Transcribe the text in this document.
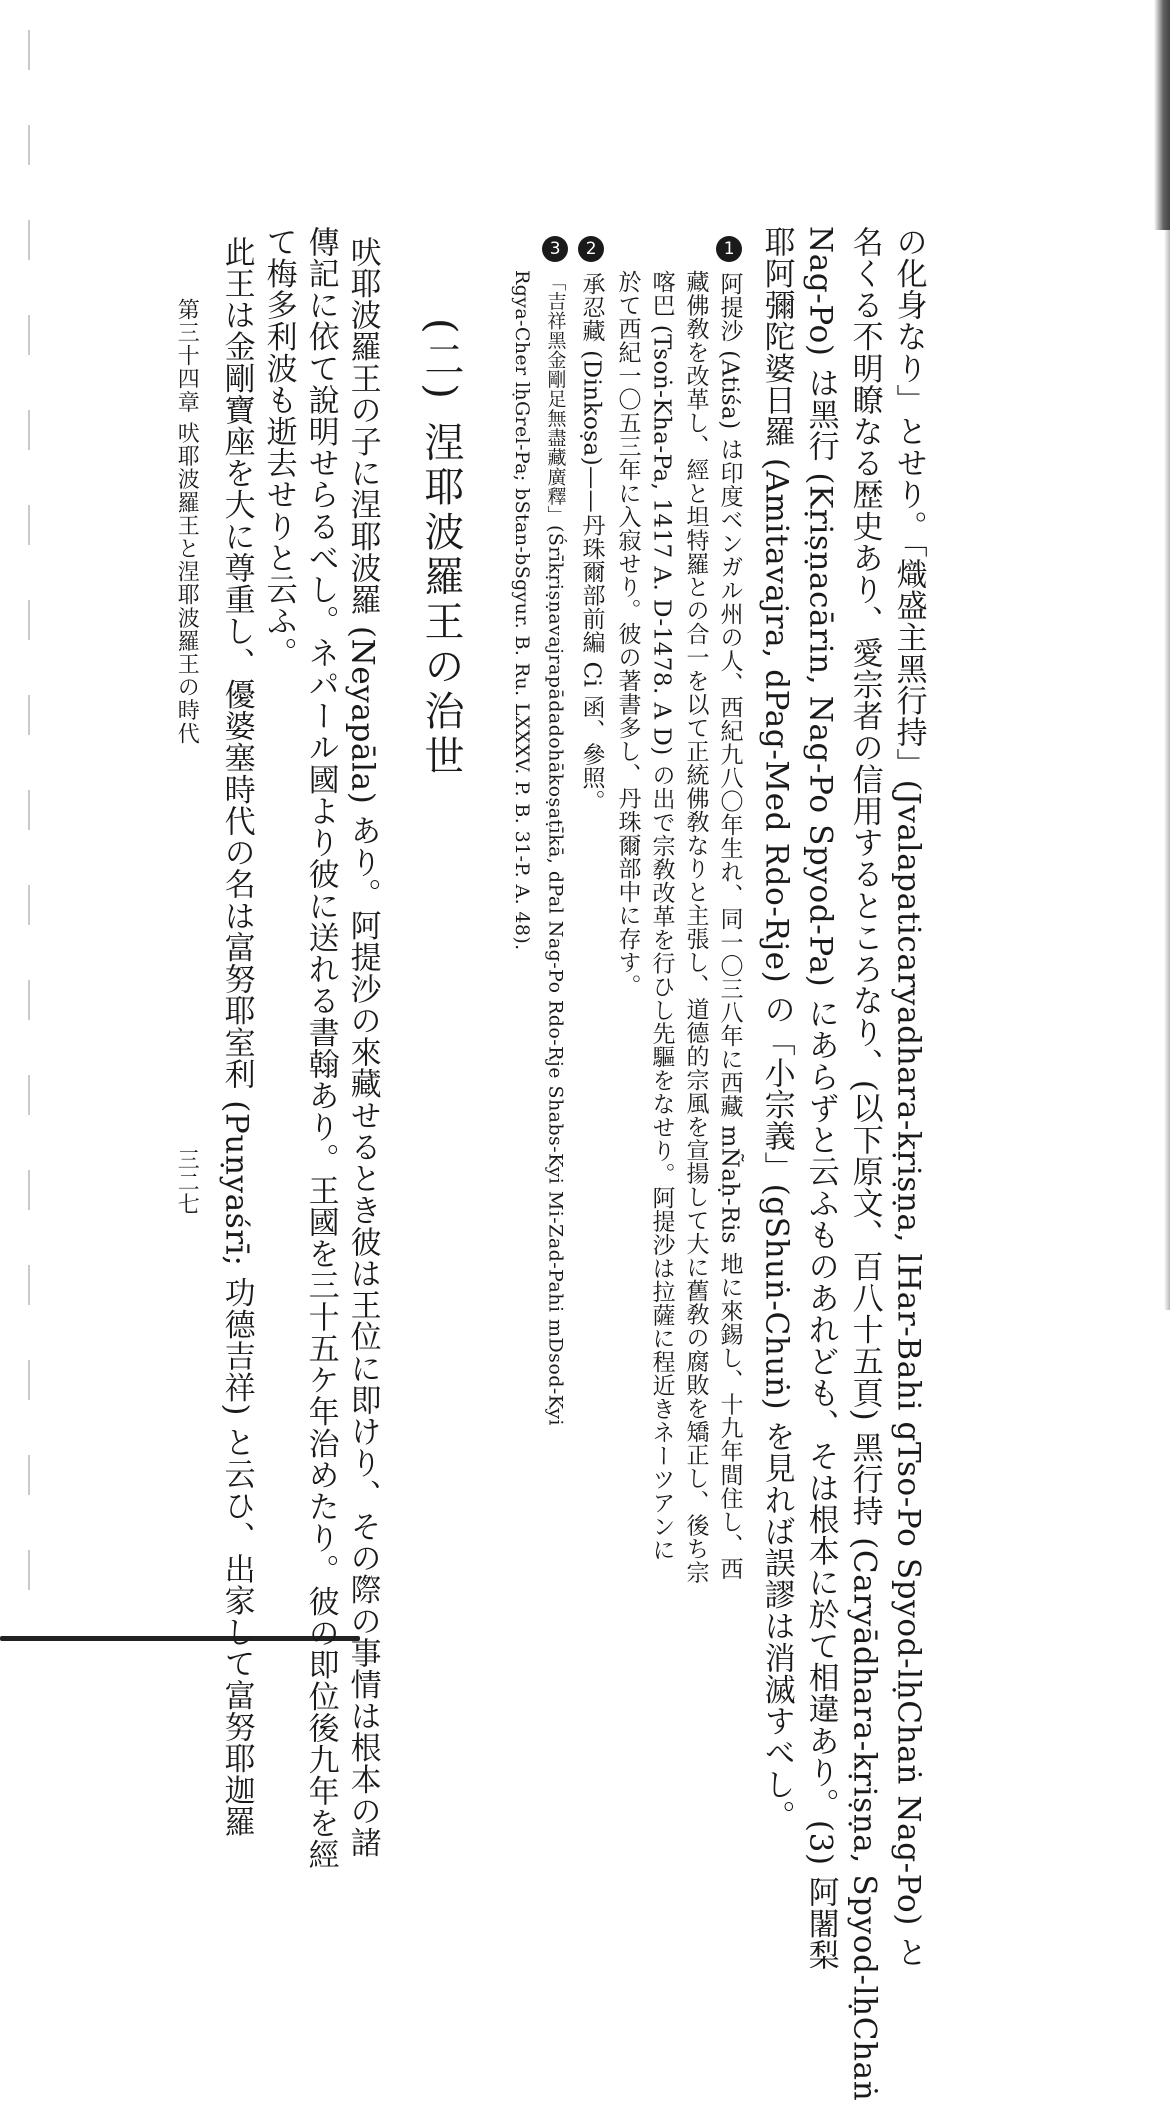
の化身なり」とせり。「熾盛主黑行持」(Jvalapaticaryadhara-kṛiṣṇa, lHar-Bahi gTso-Po Spyod-lḥChaṅ Nag-Po) と
名くる不明瞭なる歴史あり、愛宗者の信用するところなり、(以下原文、百八十五頁) 黑行持 (Caryādhara-kṛiṣṇa, Spyod-lḥChaṅ
Nag-Po) は黑行 (Kṛiṣṇacārin, Nag-Po Spyod-Pa) にあらずと云ふものあれども、そは根本に於て相違あり。(3) 阿闍梨
耶阿彌陀婆日羅 (Amitavajra, dPag-Med Rdo-Rje) の「小宗義」(gShuṅ-Chuṅ) を見れば誤謬は消滅すべし。
1阿提沙 (Atiśa) は印度ベンガル州の人、西紀九八〇年生れ、同一〇三八年に西藏 mÑaḥ-Ris 地に來錫し、十九年間住し、西
藏佛敎を改革し、經と坦特羅との合一を以て正統佛敎なりと主張し、道德的宗風を宣揚して大に舊敎の腐敗を矯正し、後ち宗
喀巴 (Tsoṅ-Kha-Pa, 1417 A. D-1478. A D) の出で宗敎改革を行ひし先驅をなせり。阿提沙は拉薩に程近きネーツアンに
於て西紀一〇五三年に入寂せり。彼の著書多し、丹珠爾部中に存す。
2承忍藏 (Dinkoṣa)——丹珠爾部前編 Ci 函、參照。
3「吉祥黑金剛足無盡藏廣釋」(Śrīkṛiṣṇavajrapādadohākoṣaṭīkā, dPal Nag-Po Rdo-Rje Shabs-Kyi Mi-Zad-Pahi mDsod-Kyi
Rgya-Cher lḥGrel-Pa; bStan-bSgyur. B. Ru. LXXXV. P. B. 31-P. A. 48).
(二) 涅耶波羅王の治世
吠耶波羅王の子に涅耶波羅 (Neyapāla) あり。阿提沙の來藏せるとき彼は王位に即けり、その際の事情は根本の諸
傳記に依て說明せらるべし。ネパール國より彼に送れる書翰あり。王國を三十五ケ年治めたり。彼の即位後九年を經
て梅多利波も逝去せりと云ふ。
此王は金剛寶座を大に尊重し、優婆塞時代の名は富努耶室利 (Puṇyaśrī; 功德吉祥) と云ひ、出家して富努耶迦羅
第三十四章 吠耶波羅王と涅耶波羅王の時代
三二七
